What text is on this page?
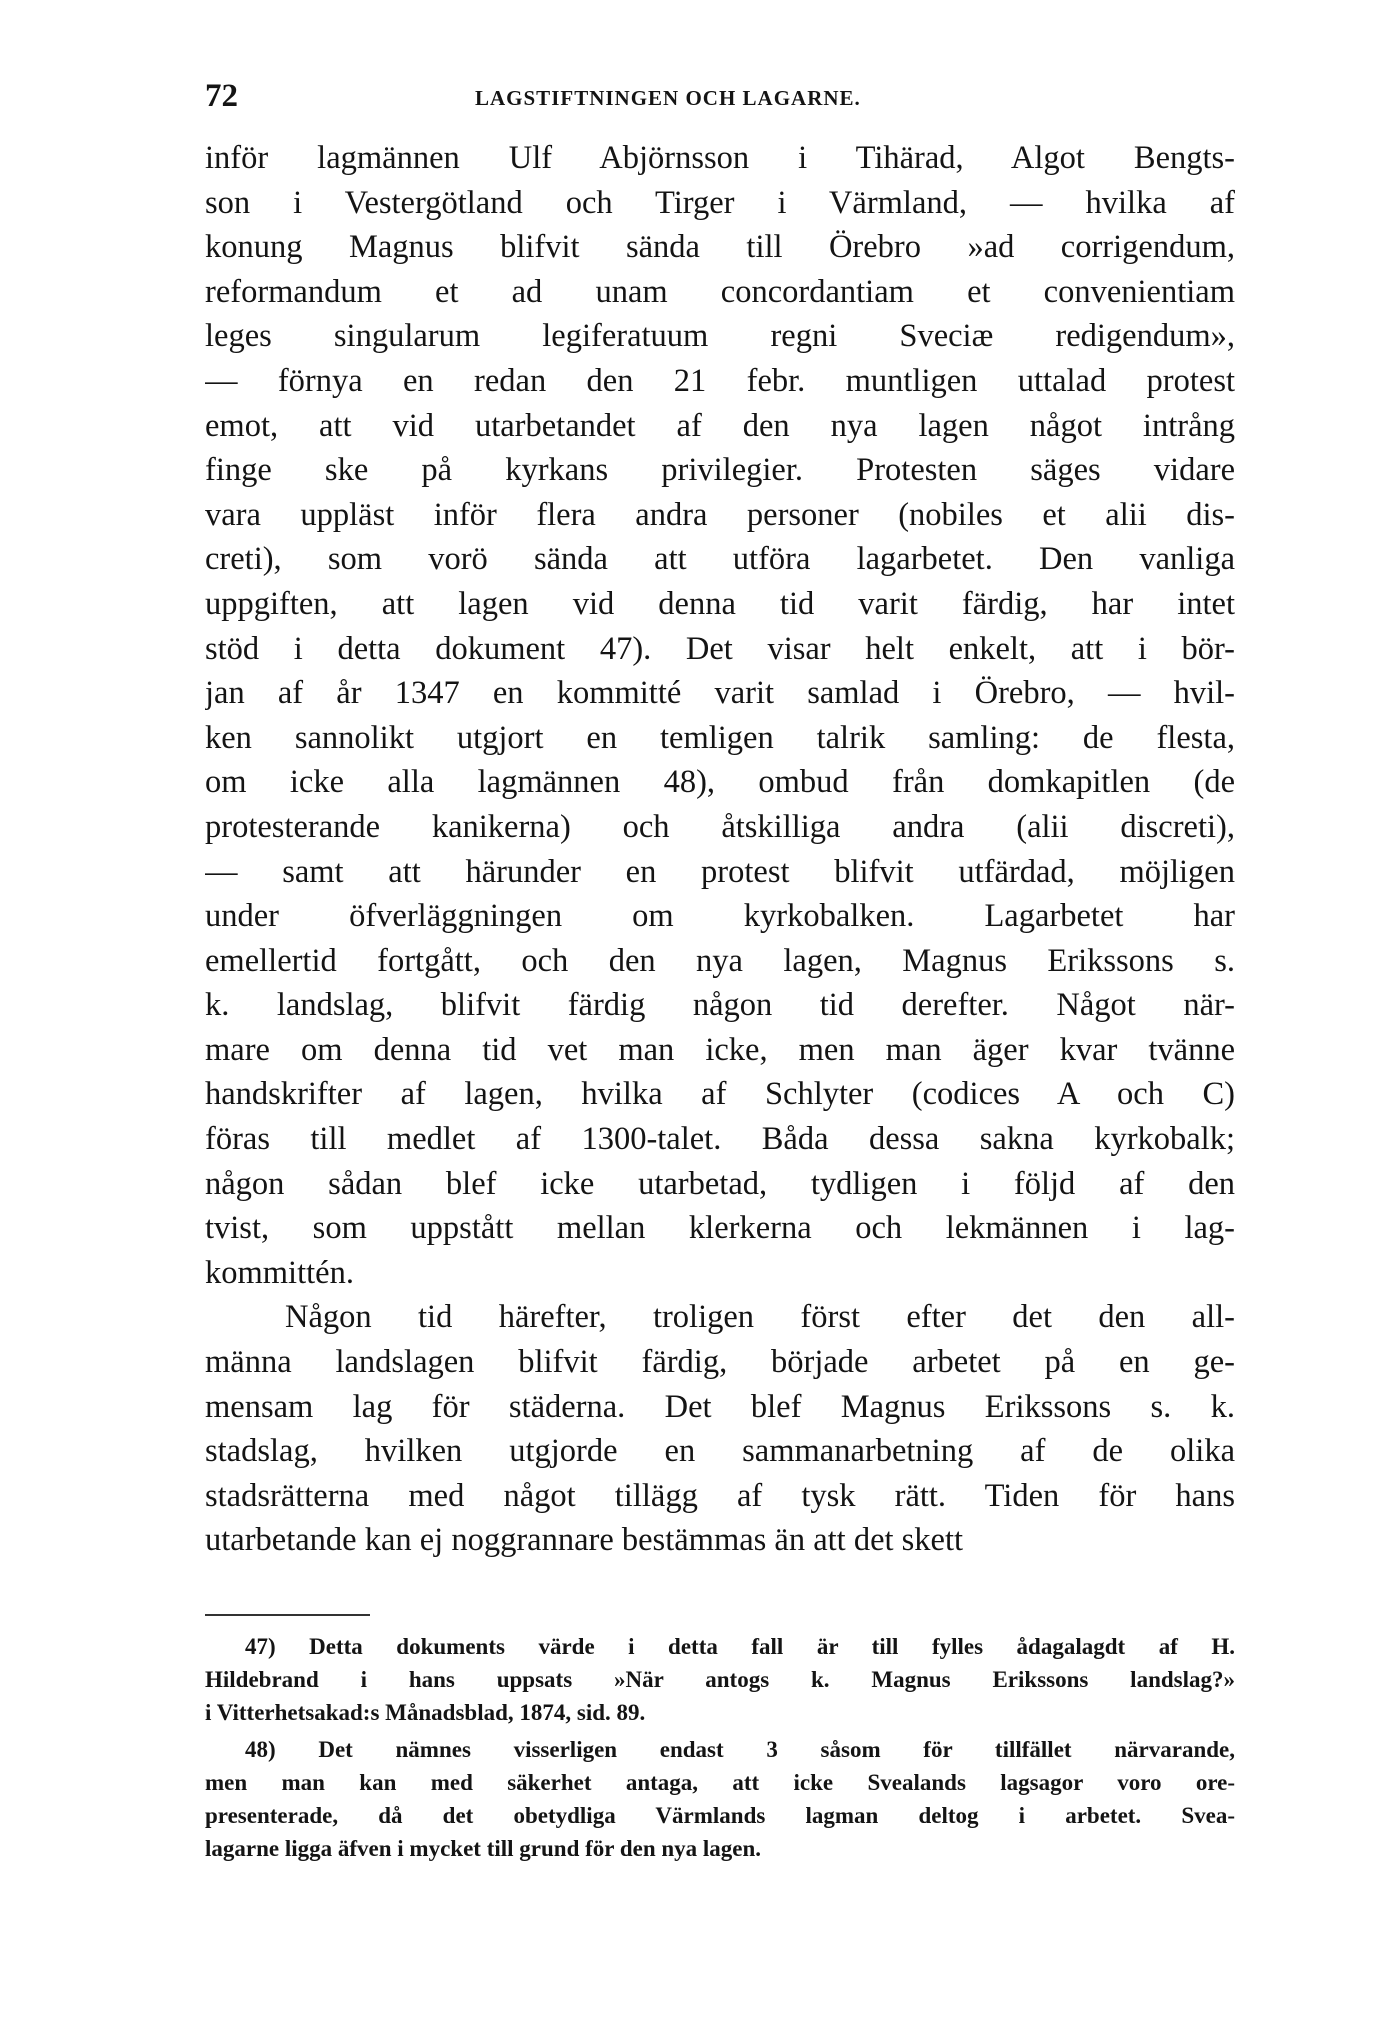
72	LAGSTIFTNINGEN OCH LAGARNE.
inför lagmännen Ulf Abjörnsson i Tihärad, Algot Bengts-
son i Vestergötland och Tirger i Värmland, — hvilka af
konung Magnus blifvit sända till Örebro »ad corrigendum,
reformandum et ad unam concordantiam et convenientiam
leges singularum legiferatuum regni Sveciæ redigendum»,
— förnya en redan den 21 febr. muntligen uttalad protest
emot, att vid utarbetandet af den nya lagen något intrång
finge ske på kyrkans privilegier. Protesten säges vidare
vara uppläst inför flera andra personer (nobiles et alii dis-
creti), som vorö sända att utföra lagarbetet. Den vanliga
uppgiften, att lagen vid denna tid varit färdig, har intet
stöd i detta dokument 47). Det visar helt enkelt, att i bör-
jan af år 1347 en kommitté varit samlad i Örebro, — hvil-
ken sannolikt utgjort en temligen talrik samling: de flesta,
om icke alla lagmännen 48), ombud från domkapitlen (de
protesterande kanikerna) och åtskilliga andra (alii discreti),
— samt att härunder en protest blifvit utfärdad, möjligen
under öfverläggningen om kyrkobalken. Lagarbetet har
emellertid fortgått, och den nya lagen, Magnus Erikssons s.
k. landslag, blifvit färdig någon tid derefter. Något när-
mare om denna tid vet man icke, men man äger kvar tvänne
handskrifter af lagen, hvilka af Schlyter (codices A och C)
föras till medlet af 1300-talet. Båda dessa sakna kyrkobalk;
någon sådan blef icke utarbetad, tydligen i följd af den
tvist, som uppstått mellan klerkerna och lekmännen i lag-
kommittén.
Någon tid härefter, troligen först efter det den all-
männa landslagen blifvit färdig, började arbetet på en ge-
mensam lag för städerna. Det blef Magnus Erikssons s. k.
stadslag, hvilken utgjorde en sammanarbetning af de olika
stadsrätterna med något tillägg af tysk rätt. Tiden för hans
utarbetande kan ej noggrannare bestämmas än att det skett
47) Detta dokuments värde i detta fall är till fylles ådagalagdt af H.
Hildebrand i hans uppsats »När antogs k. Magnus Erikssons landslag?»
i Vitterhetsakad:s Månadsblad, 1874, sid. 89.
48) Det nämnes visserligen endast 3 såsom för tillfället närvarande,
men man kan med säkerhet antaga, att icke Svealands lagsagor voro ore-
presenterade, då det obetydliga Värmlands lagman deltog i arbetet. Svea-
lagarne ligga äfven i mycket till grund för den nya lagen.
